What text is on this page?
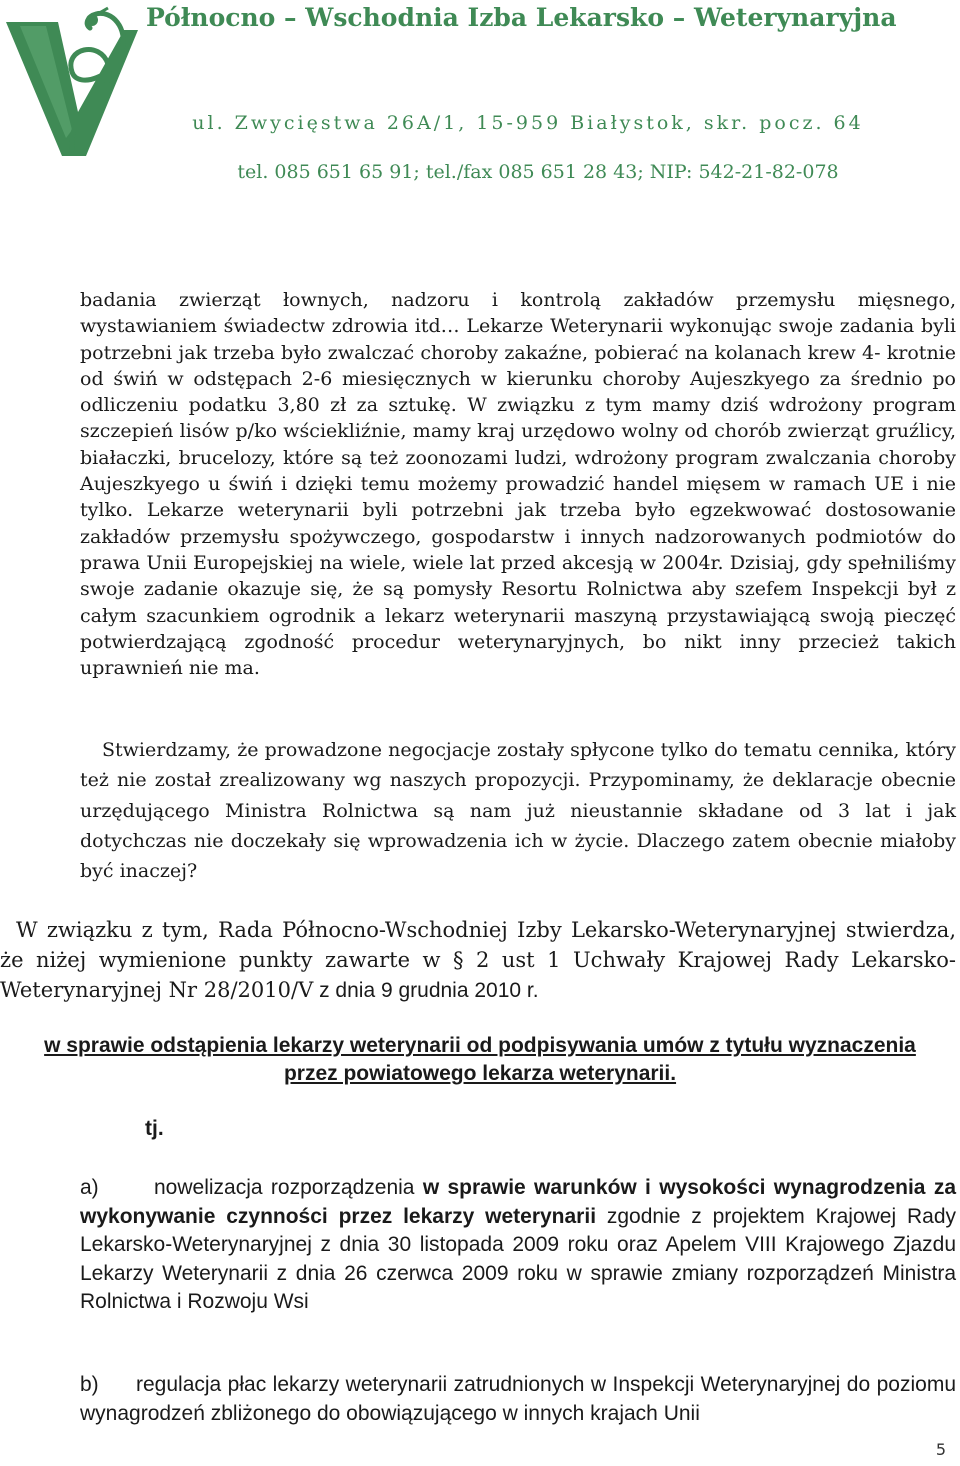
Północno – Wschodnia Izba Lekarsko – Weterynaryjna
ul. Zwycięstwa 26A/1, 15-959 Białystok, skr. pocz. 64
tel. 085 651 65 91; tel./fax 085 651 28 43; NIP: 542-21-82-078

badania zwierząt łownych, nadzoru i kontrolą zakładów przemysłu mięsnego, wystawianiem świadectw zdrowia itd… Lekarze Weterynarii wykonując swoje zadania byli potrzebni jak trzeba było zwalczać choroby zakaźne, pobierać na kolanach krew 4- krotnie od świń w odstępach 2-6 miesięcznych w kierunku choroby Aujeszkyego za średnio po odliczeniu podatku 3,80 zł za sztukę. W związku z tym mamy dziś wdrożony program szczepień lisów p/ko wściekliźnie, mamy kraj urzędowo wolny od chorób zwierząt gruźlicy, białaczki, brucelozy, które są też zoonozami ludzi, wdrożony program zwalczania choroby Aujeszkyego u świń i dzięki temu możemy prowadzić handel mięsem w ramach UE i nie tylko. Lekarze weterynarii byli potrzebni jak trzeba było egzekwować dostosowanie zakładów przemysłu spożywczego, gospodarstw i innych nadzorowanych podmiotów do prawa Unii Europejskiej na wiele, wiele lat przed akcesją w 2004r. Dzisiaj, gdy spełniliśmy swoje zadanie okazuje się, że są pomysły Resortu Rolnictwa aby szefem Inspekcji był z całym szacunkiem ogrodnik a lekarz weterynarii maszyną przystawiającą swoją pieczęć potwierdzającą zgodność procedur weterynaryjnych, bo nikt inny przecież takich uprawnień nie ma.

Stwierdzamy, że prowadzone negocjacje zostały spłycone tylko do tematu cennika, który też nie został zrealizowany wg naszych propozycji. Przypominamy, że deklaracje obecnie urzędującego Ministra Rolnictwa są nam już nieustannie składane od 3 lat i jak dotychczas nie doczekały się wprowadzenia ich w życie. Dlaczego zatem obecnie miałoby być inaczej?

W związku z tym, Rada Północno-Wschodniej Izby Lekarsko-Weterynaryjnej stwierdza, że niżej wymienione punkty zawarte w § 2 ust 1 Uchwały Krajowej Rady Lekarsko-Weterynaryjnej Nr 28/2010/V z dnia 9 grudnia 2010 r.

w sprawie odstąpienia lekarzy weterynarii od podpisywania umów z tytułu wyznaczenia przez powiatowego lekarza weterynarii.

tj.

a)	nowelizacja rozporządzenia w sprawie warunków i wysokości wynagrodzenia za wykonywanie czynności przez lekarzy weterynarii zgodnie z projektem Krajowej Rady Lekarsko-Weterynaryjnej z dnia 30 listopada 2009 roku oraz Apelem VIII Krajowego Zjazdu Lekarzy Weterynarii z dnia 26 czerwca 2009 roku w sprawie zmiany rozporządzeń Ministra Rolnictwa i Rozwoju Wsi

b) regulacja płac lekarzy weterynarii zatrudnionych w Inspekcji Weterynaryjnej do poziomu wynagrodzeń zbliżonego do obowiązującego w innych krajach Unii

5
